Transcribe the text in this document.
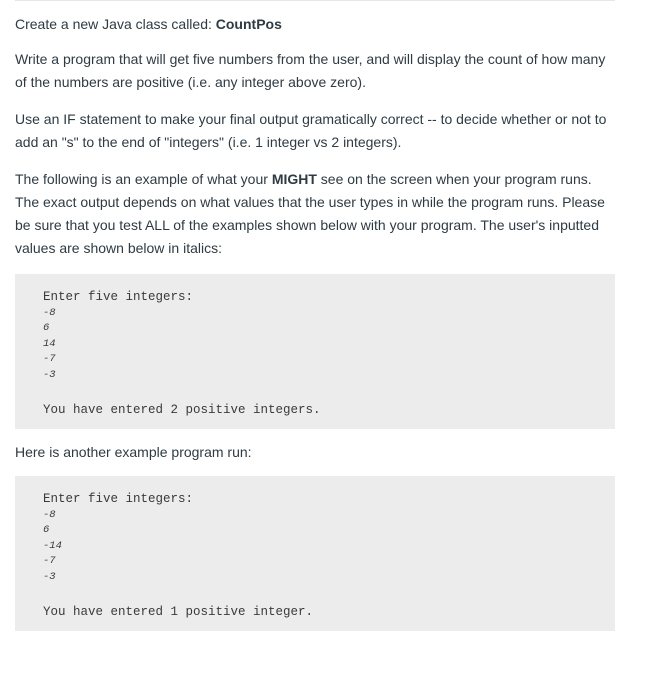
Create a new Java class called: CountPos

Write a program that will get five numbers from the user, and will display the count of how many of the numbers are positive (i.e. any integer above zero).

Use an IF statement to make your final output gramatically correct -- to decide whether or not to add an "s" to the end of "integers" (i.e. 1 integer vs 2 integers).

The following is an example of what your MIGHT see on the screen when your program runs. The exact output depends on what values that the user types in while the program runs. Please be sure that you test ALL of the examples shown below with your program. The user's inputted values are shown below in italics:

Enter five integers:
-8
6
14
-7
-3
You have entered 2 positive integers.

Here is another example program run:

Enter five integers:
-8
6
-14
-7
-3
You have entered 1 positive integer.
